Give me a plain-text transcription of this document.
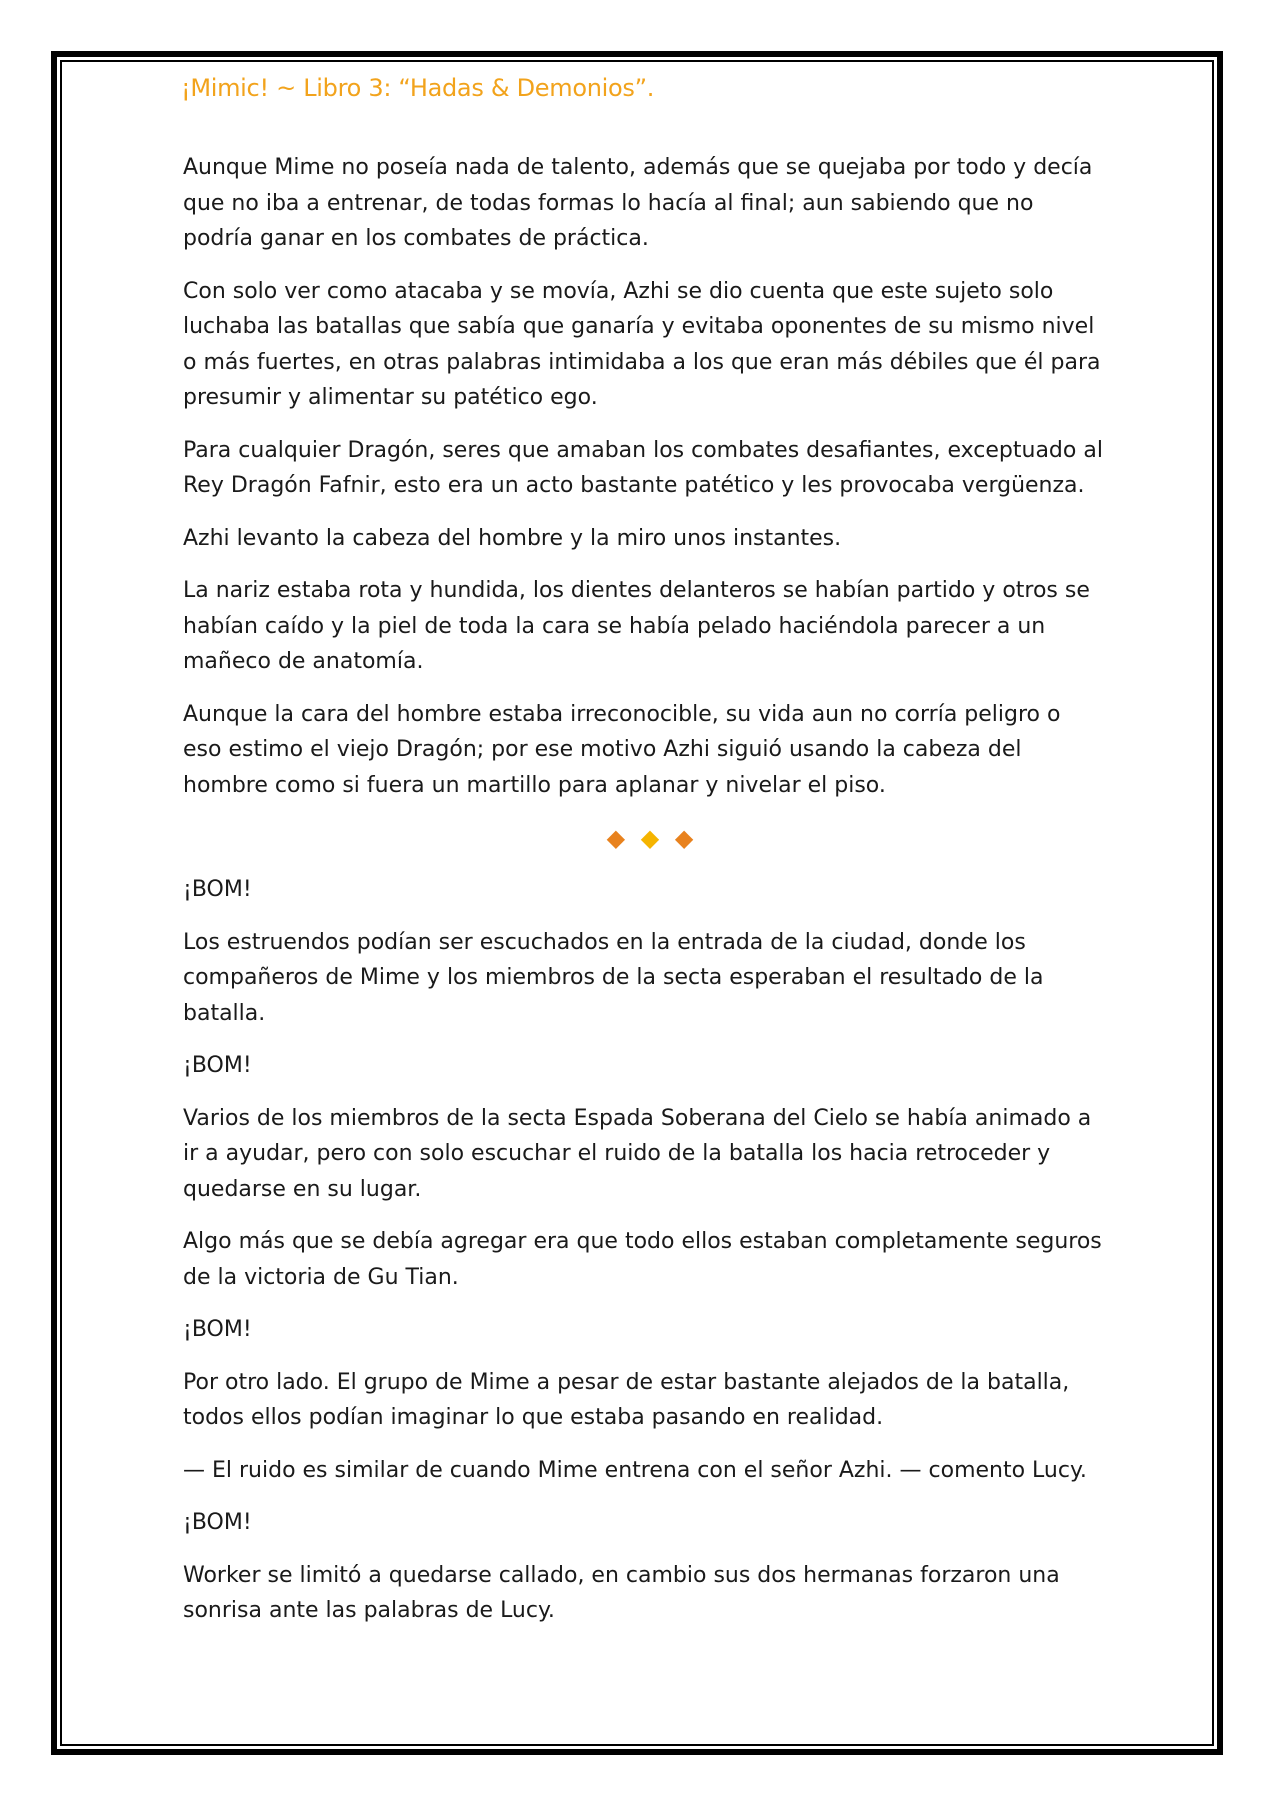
¡Mimic! ~ Libro 3: “Hadas & Demonios”.

Aunque Mime no poseía nada de talento, además que se quejaba por todo y decía que no iba a entrenar, de todas formas lo hacía al final; aun sabiendo que no podría ganar en los combates de práctica.

Con solo ver como atacaba y se movía, Azhi se dio cuenta que este sujeto solo luchaba las batallas que sabía que ganaría y evitaba oponentes de su mismo nivel o más fuertes, en otras palabras intimidaba a los que eran más débiles que él para presumir y alimentar su patético ego.

Para cualquier Dragón, seres que amaban los combates desafiantes, exceptuado al Rey Dragón Fafnir, esto era un acto bastante patético y les provocaba vergüenza.

Azhi levanto la cabeza del hombre y la miro unos instantes.

La nariz estaba rota y hundida, los dientes delanteros se habían partido y otros se habían caído y la piel de toda la cara se había pelado haciéndola parecer a un mañeco de anatomía.

Aunque la cara del hombre estaba irreconocible, su vida aun no corría peligro o eso estimo el viejo Dragón; por ese motivo Azhi siguió usando la cabeza del hombre como si fuera un martillo para aplanar y nivelar el piso.

◆ ◆ ◆

¡BOM!

Los estruendos podían ser escuchados en la entrada de la ciudad, donde los compañeros de Mime y los miembros de la secta esperaban el resultado de la batalla.

¡BOM!

Varios de los miembros de la secta Espada Soberana del Cielo se había animado a ir a ayudar, pero con solo escuchar el ruido de la batalla los hacia retroceder y quedarse en su lugar.

Algo más que se debía agregar era que todo ellos estaban completamente seguros de la victoria de Gu Tian.

¡BOM!

Por otro lado. El grupo de Mime a pesar de estar bastante alejados de la batalla, todos ellos podían imaginar lo que estaba pasando en realidad.

— El ruido es similar de cuando Mime entrena con el señor Azhi. — comento Lucy.

¡BOM!

Worker se limitó a quedarse callado, en cambio sus dos hermanas forzaron una sonrisa ante las palabras de Lucy.
